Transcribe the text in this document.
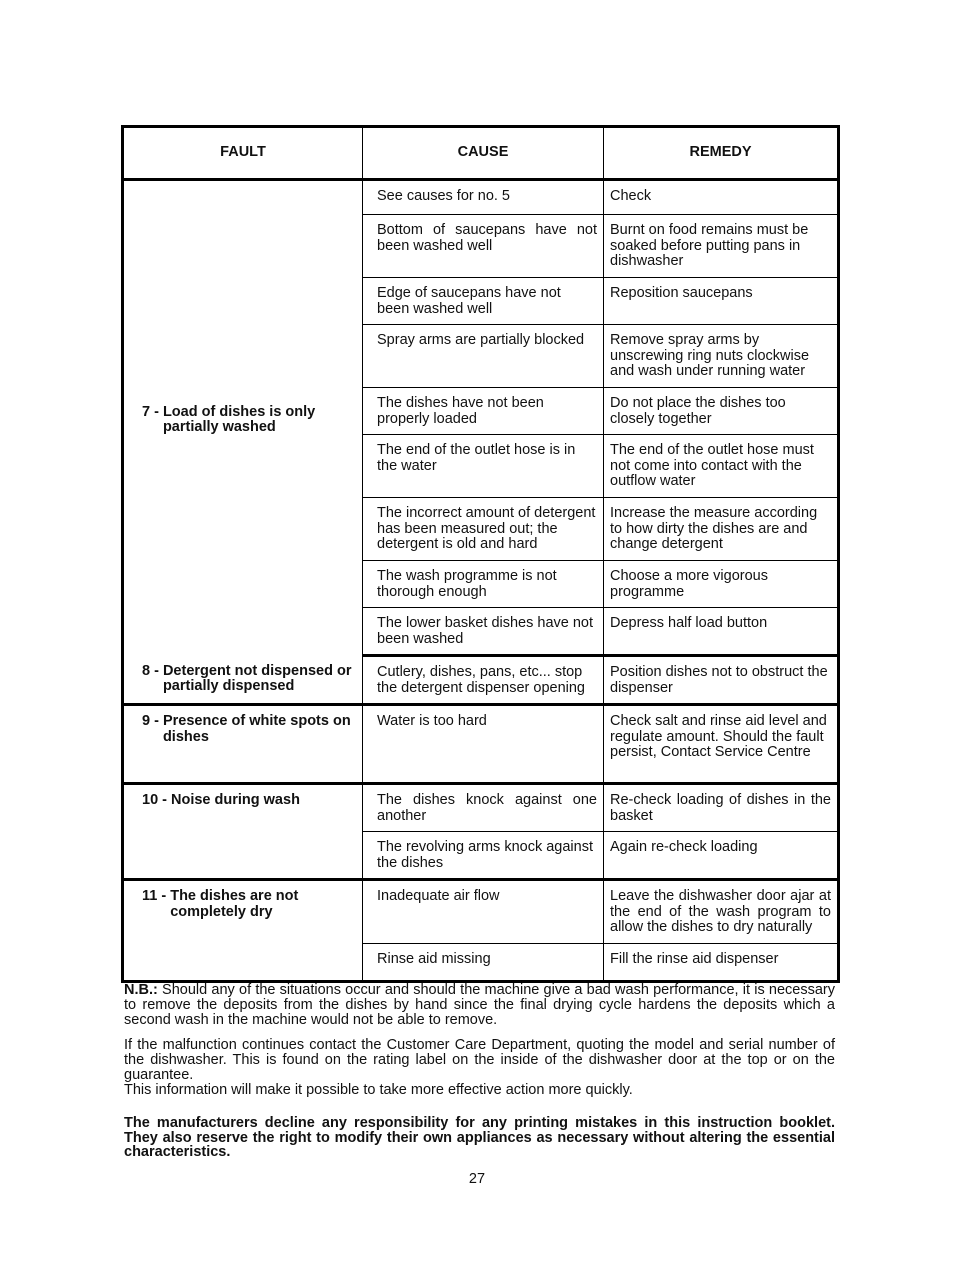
FAULT	CAUSE	REMEDY

7 - Load of dishes is only partially washed	See causes for no. 5	Check
	Bottom of saucepans have not been washed well	Burnt on food remains must be soaked before putting pans in dishwasher
	Edge of saucepans have not been washed well	Reposition saucepans
	Spray arms are partially blocked	Remove spray arms by unscrewing ring nuts clockwise and wash under running water
	The dishes have not been properly loaded	Do not place the dishes too closely together
	The end of the outlet hose is in the water	The end of the outlet hose must not come into contact with the outflow water
	The incorrect amount of detergent has been measured out; the detergent is old and hard	Increase the measure according to how dirty the dishes are and change detergent
	The wash programme is not thorough enough	Choose a more vigorous programme
	The lower basket dishes have not been washed	Depress half load button

8 - Detergent not dispensed or partially dispensed	Cutlery, dishes, pans, etc... stop the detergent dispenser opening	Position dishes not to obstruct the dispenser

9 - Presence of white spots on dishes	Water is too hard	Check salt and rinse aid level and regulate amount. Should the fault persist, Contact Service Centre

10 - Noise during wash	The dishes knock against one another	Re-check loading of dishes in the basket
	The revolving arms knock against the dishes	Again re-check loading

11 - The dishes are not completely dry	Inadequate air flow	Leave the dishwasher door ajar at the end of the wash program to allow the dishes to dry naturally
	Rinse aid missing	Fill the rinse aid dispenser

N.B.: Should any of the situations occur and should the machine give a bad wash performance, it is necessary to remove the deposits from the dishes by hand since the final drying cycle hardens the deposits which a second wash in the machine would not be able to remove.

If the malfunction continues contact the Customer Care Department, quoting the model and serial number of the dishwasher. This is found on the rating label on the inside of the dishwasher door at the top or on the guarantee.

This information will make it possible to take more effective action more quickly.

The manufacturers decline any responsibility for any printing mistakes in this instruction booklet. They also reserve the right to modify their own appliances as necessary without altering the essential characteristics.

27
